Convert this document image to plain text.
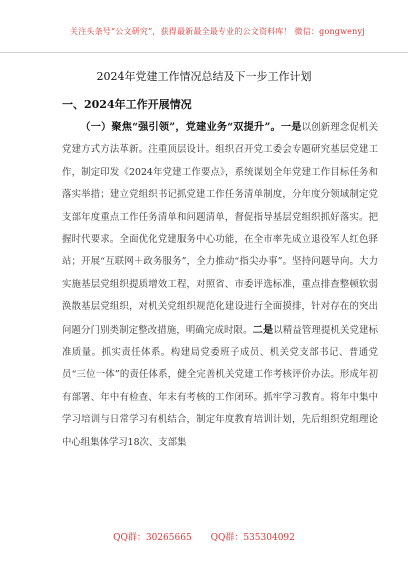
关注头条号“公文研究”，获得最新最全最专业的公文资料库！ 微信：gongwenyj
2024年党建工作情况总结及下一步工作计划
一、2024年工作开展情况

（一）聚焦“强引领”，党建业务“双提升”。一是以创新理念促机关党建方式方法革新。注重顶层设计。组织召开党工委会专题研究基层党建工作，制定印发《2024年党建工作要点》，系统谋划全年党建工作目标任务和落实举措；建立党组织书记抓党建工作任务清单制度，分年度分领域制定党支部年度重点工作任务清单和问题清单，督促指导基层党组织抓好落实。把握时代要求。全面优化党建服务中心功能，在全市率先成立退役军人红色驿站；开展“互联网＋政务服务”，全力推动“指尖办事”。坚持问题导向。大力实施基层党组织提质增效工程，对照省、市委评选标准，重点排查整顿软弱涣散基层党组织，对机关党组织规范化建设进行全面摸排，针对存在的突出问题分门别类制定整改措施，明确完成时限。二是以精益管理提机关党建标准质量。抓实责任体系。构建局党委班子成员、机关党支部书记、普通党员“三位一体”的责任体系，健全完善机关党建工作考核评价办法。形成年初有部署、年中有检查、年末有考核的工作闭环。抓牢学习教育。将年中集中学习培训与日常学习有机结合，制定年度教育培训计划，先后组织党组理论中心组集体学习18次、支部集

QQ群：30265665 QQ群：535304092
